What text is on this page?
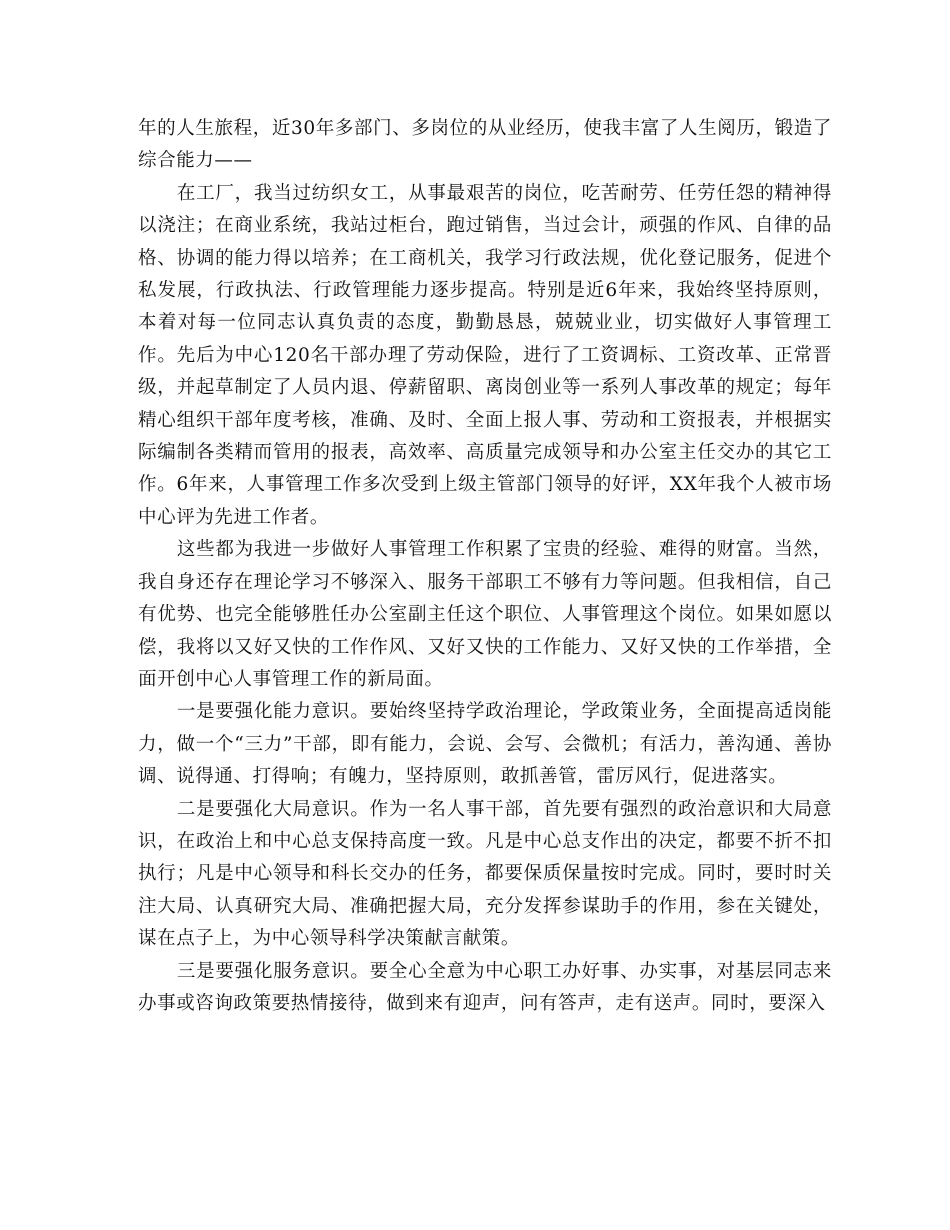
年的人生旅程，近30年多部门、多岗位的从业经历，使我丰富了人生阅历，锻造了综合能力——

在工厂，我当过纺织女工，从事最艰苦的岗位，吃苦耐劳、任劳任怨的精神得以浇注；在商业系统，我站过柜台，跑过销售，当过会计，顽强的作风、自律的品格、协调的能力得以培养；在工商机关，我学习行政法规，优化登记服务，促进个私发展，行政执法、行政管理能力逐步提高。特别是近6年来，我始终坚持原则，本着对每一位同志认真负责的态度，勤勤恳恳，兢兢业业，切实做好人事管理工作。先后为中心120名干部办理了劳动保险，进行了工资调标、工资改革、正常晋级，并起草制定了人员内退、停薪留职、离岗创业等一系列人事改革的规定；每年精心组织干部年度考核，准确、及时、全面上报人事、劳动和工资报表，并根据实际编制各类精而管用的报表，高效率、高质量完成领导和办公室主任交办的其它工作。6年来，人事管理工作多次受到上级主管部门领导的好评，XX年我个人被市场中心评为先进工作者。

这些都为我进一步做好人事管理工作积累了宝贵的经验、难得的财富。当然，我自身还存在理论学习不够深入、服务干部职工不够有力等问题。但我相信，自己有优势、也完全能够胜任办公室副主任这个职位、人事管理这个岗位。如果如愿以偿，我将以又好又快的工作作风、又好又快的工作能力、又好又快的工作举措，全面开创中心人事管理工作的新局面。

一是要强化能力意识。要始终坚持学政治理论，学政策业务，全面提高适岗能力，做一个“三力”干部，即有能力，会说、会写、会微机；有活力，善沟通、善协调、说得通、打得响；有魄力，坚持原则，敢抓善管，雷厉风行，促进落实。

二是要强化大局意识。作为一名人事干部，首先要有强烈的政治意识和大局意识，在政治上和中心总支保持高度一致。凡是中心总支作出的决定，都要不折不扣执行；凡是中心领导和科长交办的任务，都要保质保量按时完成。同时，要时时关注大局、认真研究大局、准确把握大局，充分发挥参谋助手的作用，参在关键处，谋在点子上，为中心领导科学决策献言献策。

三是要强化服务意识。要全心全意为中心职工办好事、办实事，对基层同志来办事或咨询政策要热情接待，做到来有迎声，问有答声，走有送声。同时，要深入
